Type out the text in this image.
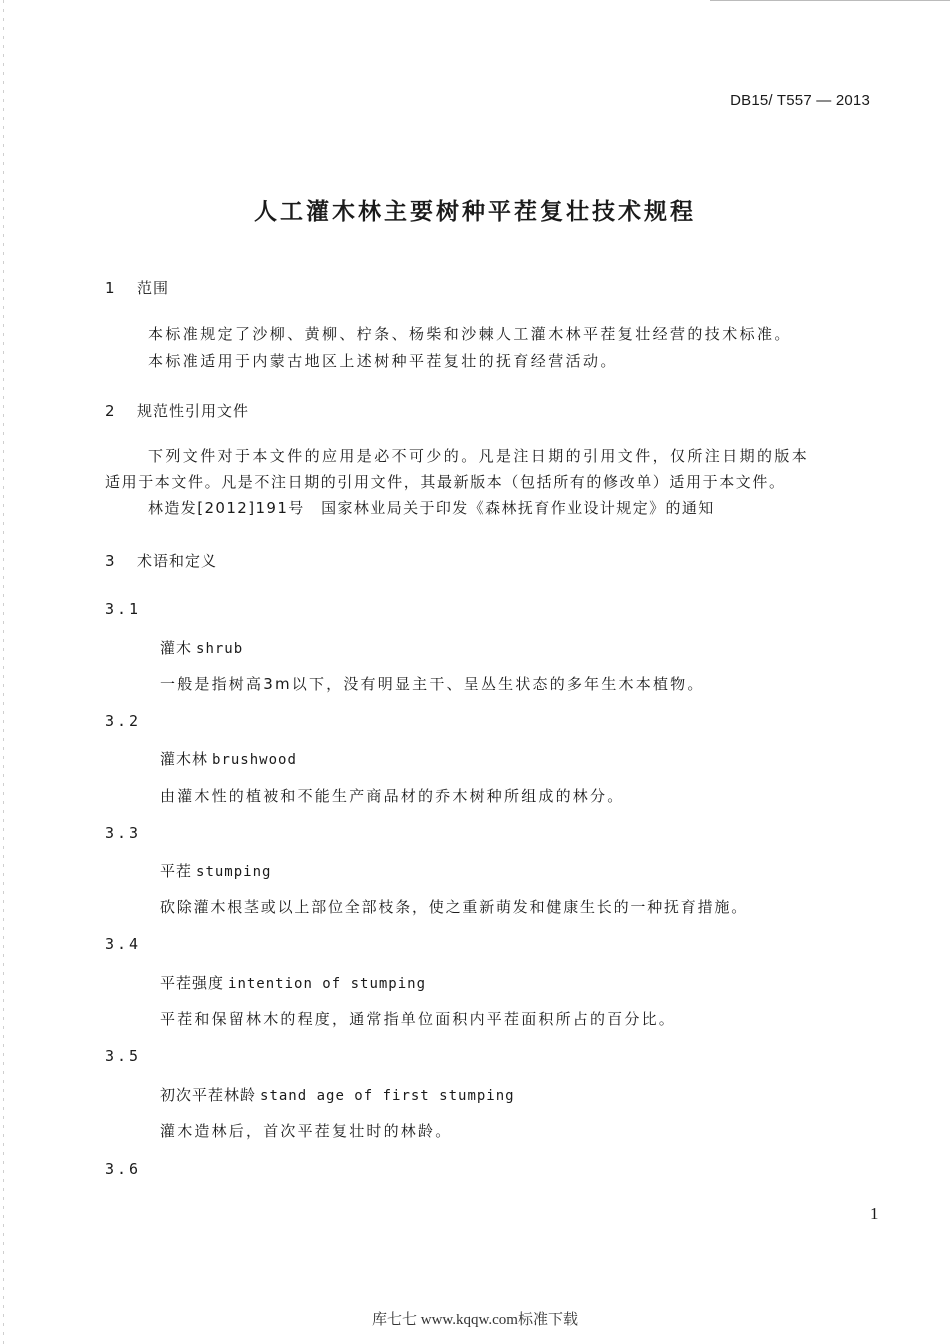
DB15/ T557 — 2013
人工灌木林主要树种平茬复壮技术规程
1 范围
本标准规定了沙柳、黄柳、柠条、杨柴和沙棘人工灌木林平茬复壮经营的技术标准。
本标准适用于内蒙古地区上述树种平茬复壮的抚育经营活动。
2 规范性引用文件
下列文件对于本文件的应用是必不可少的。凡是注日期的引用文件，仅所注日期的版本
适用于本文件。凡是不注日期的引用文件，其最新版本（包括所有的修改单）适用于本文件。
林造发[2012]191号　国家林业局关于印发《森林抚育作业设计规定》的通知
3 术语和定义
3.1
灌木 shrub
一般是指树高3m以下，没有明显主干、呈丛生状态的多年生木本植物。
3.2
灌木林 brushwood
由灌木性的植被和不能生产商品材的乔木树种所组成的林分。
3.3
平茬 stumping
砍除灌木根茎或以上部位全部枝条，使之重新萌发和健康生长的一种抚育措施。
3.4
平茬强度 intention of stumping
平茬和保留林木的程度，通常指单位面积内平茬面积所占的百分比。
3.5
初次平茬林龄 stand age of first stumping
灌木造林后，首次平茬复壮时的林龄。
3.6
1
库七七 www.kqqw.com标准下载
